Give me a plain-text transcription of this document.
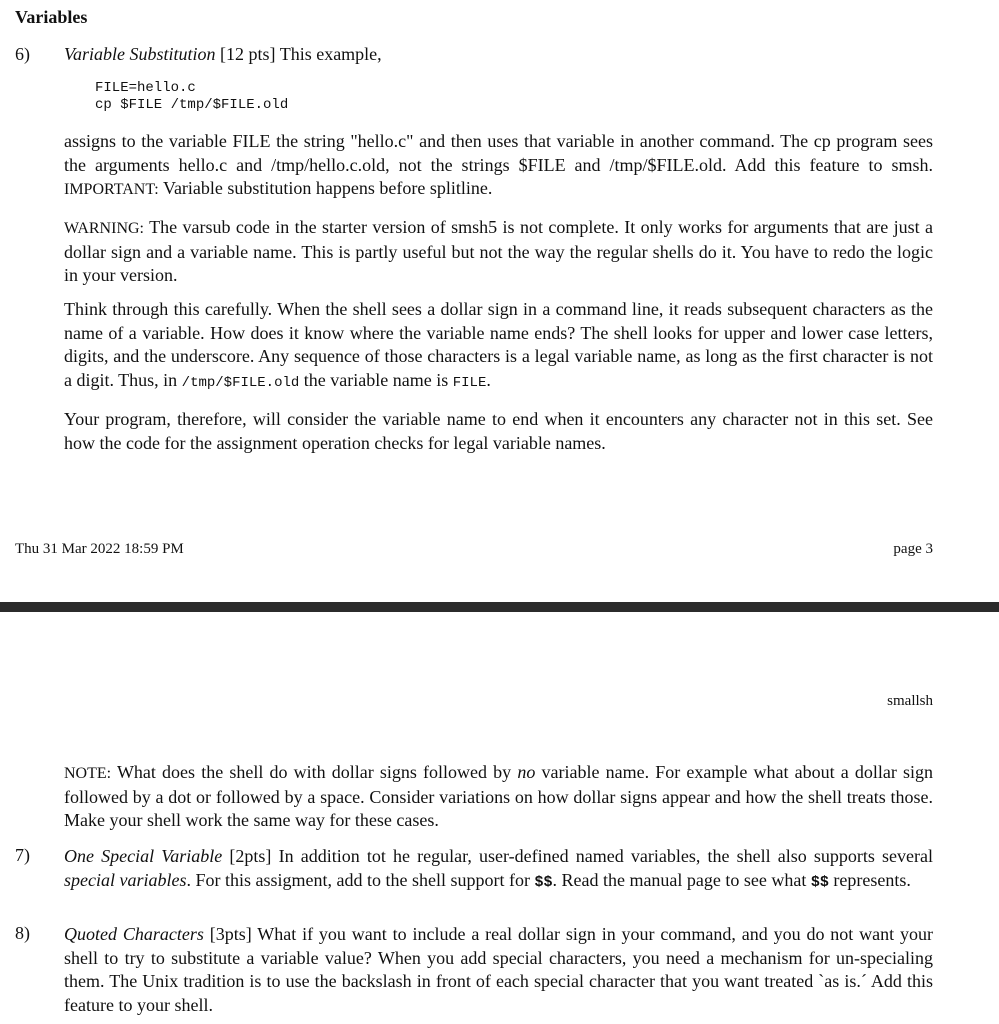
Variables
6) Variable Substitution [12 pts] This example,
FILE=hello.c
cp $FILE /tmp/$FILE.old
assigns to the variable FILE the string "hello.c" and then uses that variable in another command. The cp program sees the arguments hello.c and /tmp/hello.c.old, not the strings $FILE and /tmp/$FILE.old. Add this feature to smsh. IMPORTANT: Variable substitution happens before splitline.
WARNING: The varsub code in the starter version of smsh5 is not complete. It only works for arguments that are just a dollar sign and a variable name. This is partly useful but not the way the regular shells do it. You have to redo the logic in your version.
Think through this carefully. When the shell sees a dollar sign in a command line, it reads subsequent characters as the name of a variable. How does it know where the variable name ends? The shell looks for upper and lower case letters, digits, and the underscore. Any sequence of those characters is a legal variable name, as long as the first character is not a digit. Thus, in /tmp/$FILE.old the variable name is FILE.
Your program, therefore, will consider the variable name to end when it encounters any character not in this set. See how the code for the assignment operation checks for legal variable names.
Thu 31 Mar 2022 18:59 PM	page 3
smallsh
NOTE: What does the shell do with dollar signs followed by no variable name. For example what about a dollar sign followed by a dot or followed by a space. Consider variations on how dollar signs appear and how the shell treats those. Make your shell work the same way for these cases.
7) One Special Variable [2pts] In addition tot he regular, user-defined named variables, the shell also supports several special variables. For this assigment, add to the shell support for $$. Read the manual page to see what $$ represents.
8) Quoted Characters [3pts] What if you want to include a real dollar sign in your command, and you do not want your shell to try to substitute a variable value? When you add special characters, you need a mechanism for un-specialing them. The Unix tradition is to use the backslash in front of each special character that you want treated `as is.´ Add this feature to your shell.
